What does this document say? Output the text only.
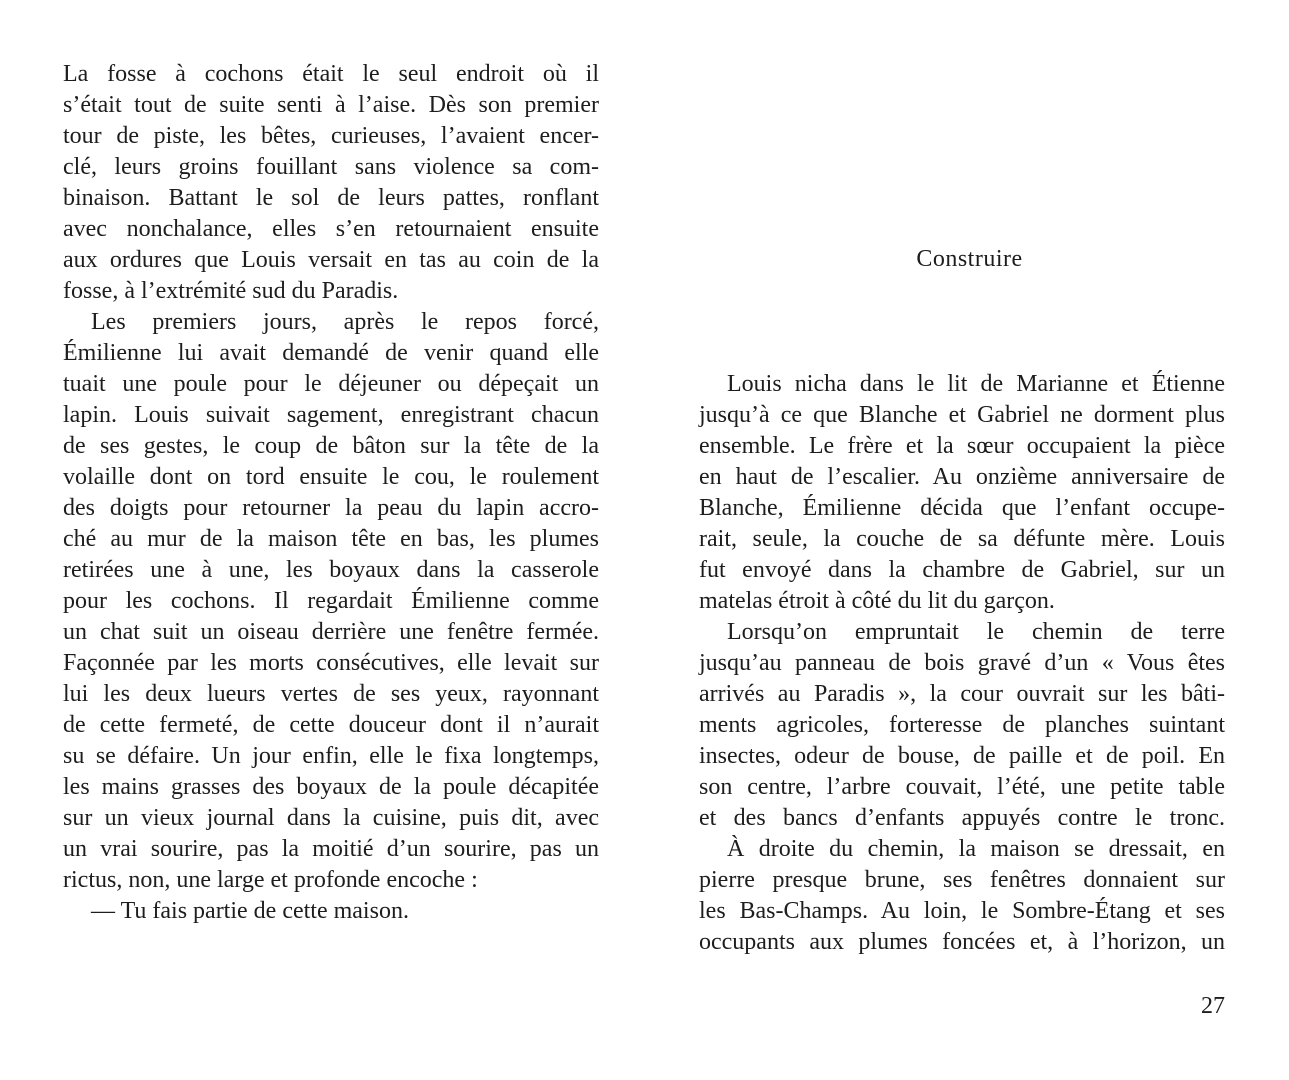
La fosse à cochons était le seul endroit où il
s’était tout de suite senti à l’aise. Dès son premier
tour de piste, les bêtes, curieuses, l’avaient encer-
clé, leurs groins fouillant sans violence sa com-
binaison. Battant le sol de leurs pattes, ronflant
avec nonchalance, elles s’en retournaient ensuite
aux ordures que Louis versait en tas au coin de la
fosse, à l’extrémité sud du Paradis.
Les premiers jours, après le repos forcé,
Émilienne lui avait demandé de venir quand elle
tuait une poule pour le déjeuner ou dépeçait un
lapin. Louis suivait sagement, enregistrant chacun
de ses gestes, le coup de bâton sur la tête de la
volaille dont on tord ensuite le cou, le roulement
des doigts pour retourner la peau du lapin accro-
ché au mur de la maison tête en bas, les plumes
retirées une à une, les boyaux dans la casserole
pour les cochons. Il regardait Émilienne comme
un chat suit un oiseau derrière une fenêtre fermée.
Façonnée par les morts consécutives, elle levait sur
lui les deux lueurs vertes de ses yeux, rayonnant
de cette fermeté, de cette douceur dont il n’aurait
su se défaire. Un jour enfin, elle le fixa longtemps,
les mains grasses des boyaux de la poule décapitée
sur un vieux journal dans la cuisine, puis dit, avec
un vrai sourire, pas la moitié d’un sourire, pas un
rictus, non, une large et profonde encoche :
— Tu fais partie de cette maison.
Construire
Louis nicha dans le lit de Marianne et Étienne
jusqu’à ce que Blanche et Gabriel ne dorment plus
ensemble. Le frère et la sœur occupaient la pièce
en haut de l’escalier. Au onzième anniversaire de
Blanche, Émilienne décida que l’enfant occupe-
rait, seule, la couche de sa défunte mère. Louis
fut envoyé dans la chambre de Gabriel, sur un
matelas étroit à côté du lit du garçon.
Lorsqu’on empruntait le chemin de terre
jusqu’au panneau de bois gravé d’un « Vous êtes
arrivés au Paradis », la cour ouvrait sur les bâti-
ments agricoles, forteresse de planches suintant
insectes, odeur de bouse, de paille et de poil. En
son centre, l’arbre couvait, l’été, une petite table
et des bancs d’enfants appuyés contre le tronc.
À droite du chemin, la maison se dressait, en
pierre presque brune, ses fenêtres donnaient sur
les Bas-Champs. Au loin, le Sombre-Étang et ses
occupants aux plumes foncées et, à l’horizon, un
27
